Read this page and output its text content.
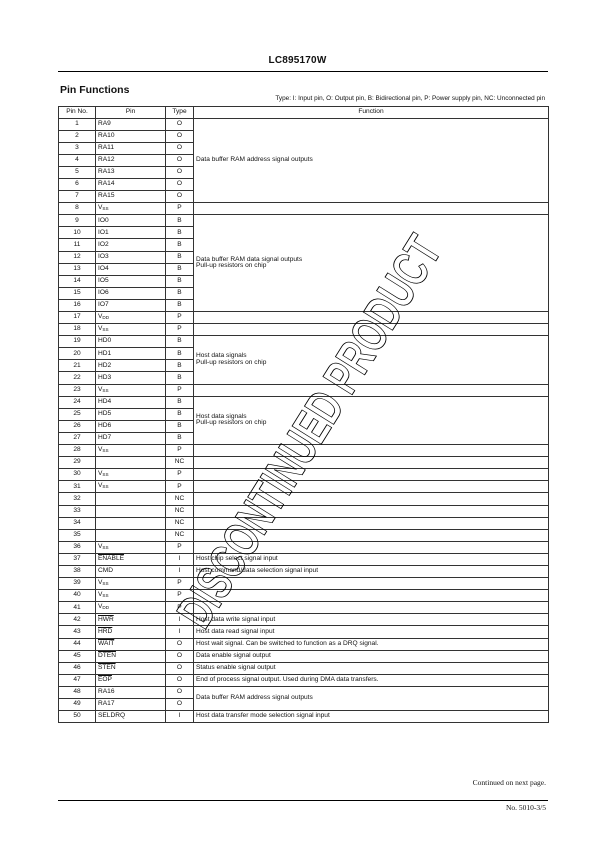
LC895170W
Pin Functions
Type: I: Input pin, O: Output pin, B: Bidirectional pin, P: Power supply pin, NC: Unconnected pin
Pin No.	Pin	Type	Function
1	RA9	O	Data buffer RAM address signal outputs

2	RA10	O	
3	RA11	O	
4	RA12	O	
5	RA13	O	
6	RA14	O	
7	RA15	O	
8	$V_{SS}$	P	
9	IO0	B	Data buffer RAM data signal outputs
Pull-up resistors on chip

10	IO1	B	
11	IO2	B	
12	IO3	B	
13	IO4	B	
14	IO5	B	
15	IO6	B	
16	IO7	B	
17	$V_{DD}$	P	
18	$V_{SS}$	P	
19	HD0	B	Host data signals
Pull-up resistors on chip

20	HD1	B	
21	HD2	B	
22	HD3	B	
23	$V_{SS}$	P	
24	HD4	B	Host data signals
Pull-up resistors on chip

25	HD5	B	
26	HD6	B	
27	HD7	B	
28	$V_{SS}$	P	
29		NC	
30	$V_{SS}$	P	
31	$V_{SS}$	P	
32		NC	
33		NC	
34		NC	
35		NC	
36	$V_{SS}$	P	
37	ENABLE	I	Host chip select signal input

38	CMD	I	Host command/data selection signal input

39	$V_{SS}$	P	
40	$V_{SS}$	P	
41	$V_{DD}$	P	
42	$\overline{HWR}$	I	Host data write signal input

43	$\overline{HRD}$	I	Host data read signal input

44	WAIT	O	Host wait signal. Can be switched to function as a DRQ signal.

45	DTEN	O	Data enable signal output

46	STEN	O	Status enable signal output

47	$\overline{EOP}$	O	End of process signal output. Used during DMA data transfers.

48	RA16	O	Data buffer RAM address signal outputs

49	RA17	O	
50	SELDRQ	I	Host data transfer mode selection signal input
Continued on next page.
No. 5010-3/5
DISCONTINUED
